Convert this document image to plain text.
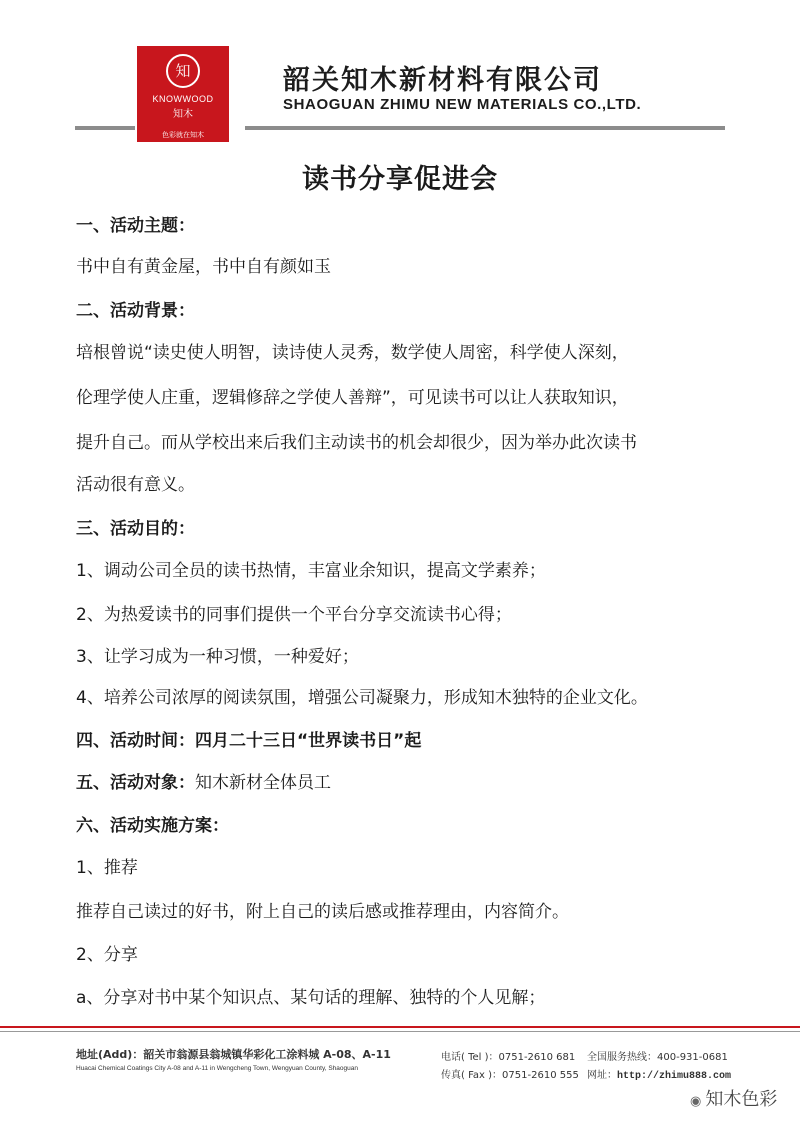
知
KNOWWOOD
知木
色彩就在知木
韶关知木新材料有限公司
SHAOGUAN ZHIMU NEW MATERIALS CO.,LTD.
读书分享促进会
一、活动主题：
书中自有黄金屋，书中自有颜如玉
二、活动背景：
培根曾说“读史使人明智，读诗使人灵秀，数学使人周密，科学使人深刻，
伦理学使人庄重，逻辑修辞之学使人善辩”，可见读书可以让人获取知识，
提升自己。而从学校出来后我们主动读书的机会却很少，因为举办此次读书
活动很有意义。
三、活动目的：
1、调动公司全员的读书热情，丰富业余知识，提高文学素养；
2、为热爱读书的同事们提供一个平台分享交流读书心得；
3、让学习成为一种习惯，一种爱好；
4、培养公司浓厚的阅读氛围，增强公司凝聚力，形成知木独特的企业文化。
四、活动时间：四月二十三日“世界读书日”起
五、活动对象：知木新材全体员工
六、活动实施方案：
1、推荐
推荐自己读过的好书，附上自己的读后感或推荐理由，内容简介。
2、分享
a、分享对书中某个知识点、某句话的理解、独特的个人见解；
地址(Add)：韶关市翁源县翁城镇华彩化工涂料城 A-08、A-11
Huacai Chemical Coatings City A-08 and A-11 in Wengcheng Town, Wengyuan County, Shaoguan
电话( Tel )：0751-2610 681
传真( Fax )：0751-2610 555
全国服务热线：400-931-0681
网址：http://zhimu888.com
◉ 知木色彩
